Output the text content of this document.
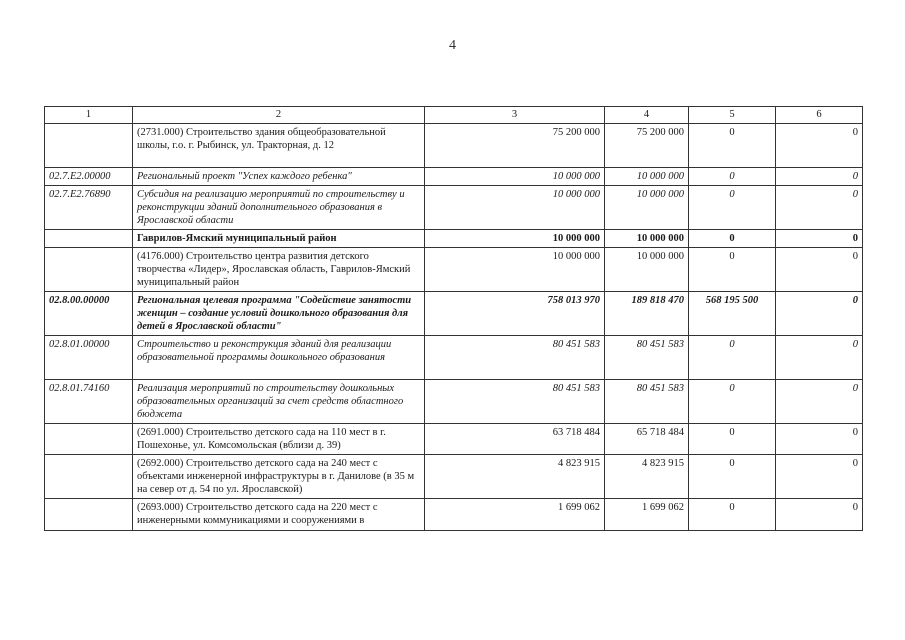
4
1	2	3	4	5	6
	(2731.000) Строительство здания общеобразовательной школы, г.о. г. Рыбинск, ул. Тракторная, д. 12	75 200 000	75 200 000	0	0
02.7.E2.00000	Региональный проект "Успех каждого ребенка"	10 000 000	10 000 000	0	0
02.7.E2.76890	Субсидия на реализацию мероприятий по строительству и реконструкции зданий дополнительного образования в Ярославской области	10 000 000	10 000 000	0	0
	Гаврилов-Ямский муниципальный район	10 000 000	10 000 000	0	0
	(4176.000) Строительство центра развития детского творчества «Лидер», Ярославская область, Гаврилов-Ямский муниципальный район	10 000 000	10 000 000	0	0
02.8.00.00000	Региональная целевая программа "Содействие занятости женщин – создание условий дошкольного образования для детей в Ярославской области"	758 013 970	189 818 470	568 195 500	0
02.8.01.00000	Строительство и реконструкция зданий для реализации образовательной программы дошкольного образования	80 451 583	80 451 583	0	0
02.8.01.74160	Реализация мероприятий по строительству дошкольных образовательных организаций за счет средств областного бюджета	80 451 583	80 451 583	0	0
	(2691.000) Строительство детского сада на 110 мест в г. Пошехонье, ул. Комсомольская (вблизи д. 39)	63 718 484	65 718 484	0	0
	(2692.000) Строительство детского сада на 240 мест с объектами инженерной инфраструктуры в г. Данилове (в 35 м на север от д. 54 по ул. Ярославской)	4 823 915	4 823 915	0	0
	(2693.000) Строительство детского сада на 220 мест с инженерными коммуникациями и сооружениями в	1 699 062	1 699 062	0	0
